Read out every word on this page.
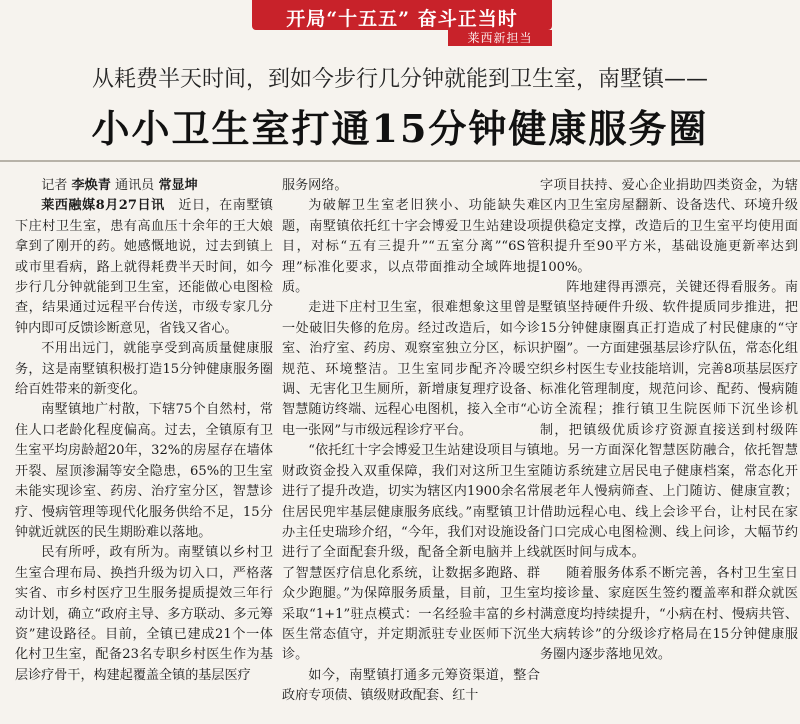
开局“十五五” 奋斗正当时
莱西新担当
从耗费半天时间，到如今步行几分钟就能到卫生室，南墅镇——
小小卫生室打通15分钟健康服务圈

记者 李焕青 通讯员 常显坤

莱西融媒8月27日讯　 近日，在南墅镇下庄村卫生室，患有高血压十余年的王大娘拿到了刚开的药。她感慨地说，过去到镇上或市里看病，路上就得耗费半天时间，如今步行几分钟就能到卫生室，还能做心电图检查，结果通过远程平台传送，市级专家几分钟内即可反馈诊断意见，省钱又省心。

不用出远门，就能享受到高质量健康服务，这是南墅镇积极打造15分钟健康服务圈给百姓带来的新变化。

南墅镇地广村散，下辖75个自然村，常住人口老龄化程度偏高。过去，全镇原有卫生室平均房龄超20年，32%的房屋存在墙体开裂、屋顶渗漏等安全隐患，65%的卫生室未能实现诊室、药房、治疗室分区，智慧诊疗、慢病管理等现代化服务供给不足，15分钟就近就医的民生期盼难以落地。

民有所呼，政有所为。南墅镇以乡村卫生室合理布局、换挡升级为切入口，严格落实省、市乡村医疗卫生服务提质提效三年行动计划，确立“政府主导、多方联动、多元筹资”建设路径。目前，全镇已建成21个一体化村卫生室，配备23名专职乡村医生作为基层诊疗骨干，构建起覆盖全镇的基层医疗

服务网络。

为破解卫生室老旧狭小、功能缺失难题，南墅镇依托红十字会博爱卫生站建设项目，对标“五有三提升”“五室分离”“6S管理”标准化要求，以点带面推动全域阵地提质。

走进下庄村卫生室，很难想象这里曾是一处破旧失修的危房。经过改造后，如今诊室、治疗室、药房、观察室独立分区，标识规范、环境整洁。卫生室同步配齐冷暖空调、无害化卫生厕所，新增康复理疗设备、智慧随访终端、远程心电图机，接入全市“心电一张网”与市级远程诊疗平台。

“依托红十字会博爱卫生站建设项目与镇财政资金投入双重保障，我们对这所卫生室进行了提升改造，切实为辖区内1900余名常住居民兜牢基层健康服务底线。”南墅镇卫计办主任史瑞珍介绍，“今年，我们对设施设备进行了全面配套升级，配备全新电脑并上线了智慧医疗信息化系统，让数据多跑路、群众少跑腿。”为保障服务质量，目前，卫生室采取“1+1”驻点模式：一名经验丰富的乡村医生常态值守，并定期派驻专业医师下沉坐诊。

如今，南墅镇打通多元筹资渠道，整合政府专项债、镇级财政配套、红十

字项目扶持、爱心企业捐助四类资金，为辖区内卫生室房屋翻新、设备迭代、环境升级提供稳定支撑，改造后的卫生室平均使用面积提升至90平方米，基础设施更新率达到100%。

阵地建得再漂亮，关键还得看服务。南墅镇坚持硬件升级、软件提质同步推进，把15分钟健康圈真正打造成了村民健康的“守护圈”。一方面建强基层诊疗队伍，常态化组织乡村医生专业技能培训，完善8项基层医疗标准化管理制度，规范问诊、配药、慢病随访全流程；推行镇卫生院医师下沉坐诊机制，把镇级优质诊疗资源直接送到村级阵地。另一方面深化智慧医防融合，依托智慧随访系统建立居民电子健康档案，常态化开展老年人慢病筛查、上门随访、健康宣教；借助远程心电、线上会诊平台，让村民在家门口完成心电图检测、线上问诊，大幅节约就医时间与成本。

随着服务体系不断完善，各村卫生室日均接诊量、家庭医生签约覆盖率和群众就医满意度均持续提升，“小病在村、慢病共管、大病转诊”的分级诊疗格局在15分钟健康服务圈内逐步落地见效。
